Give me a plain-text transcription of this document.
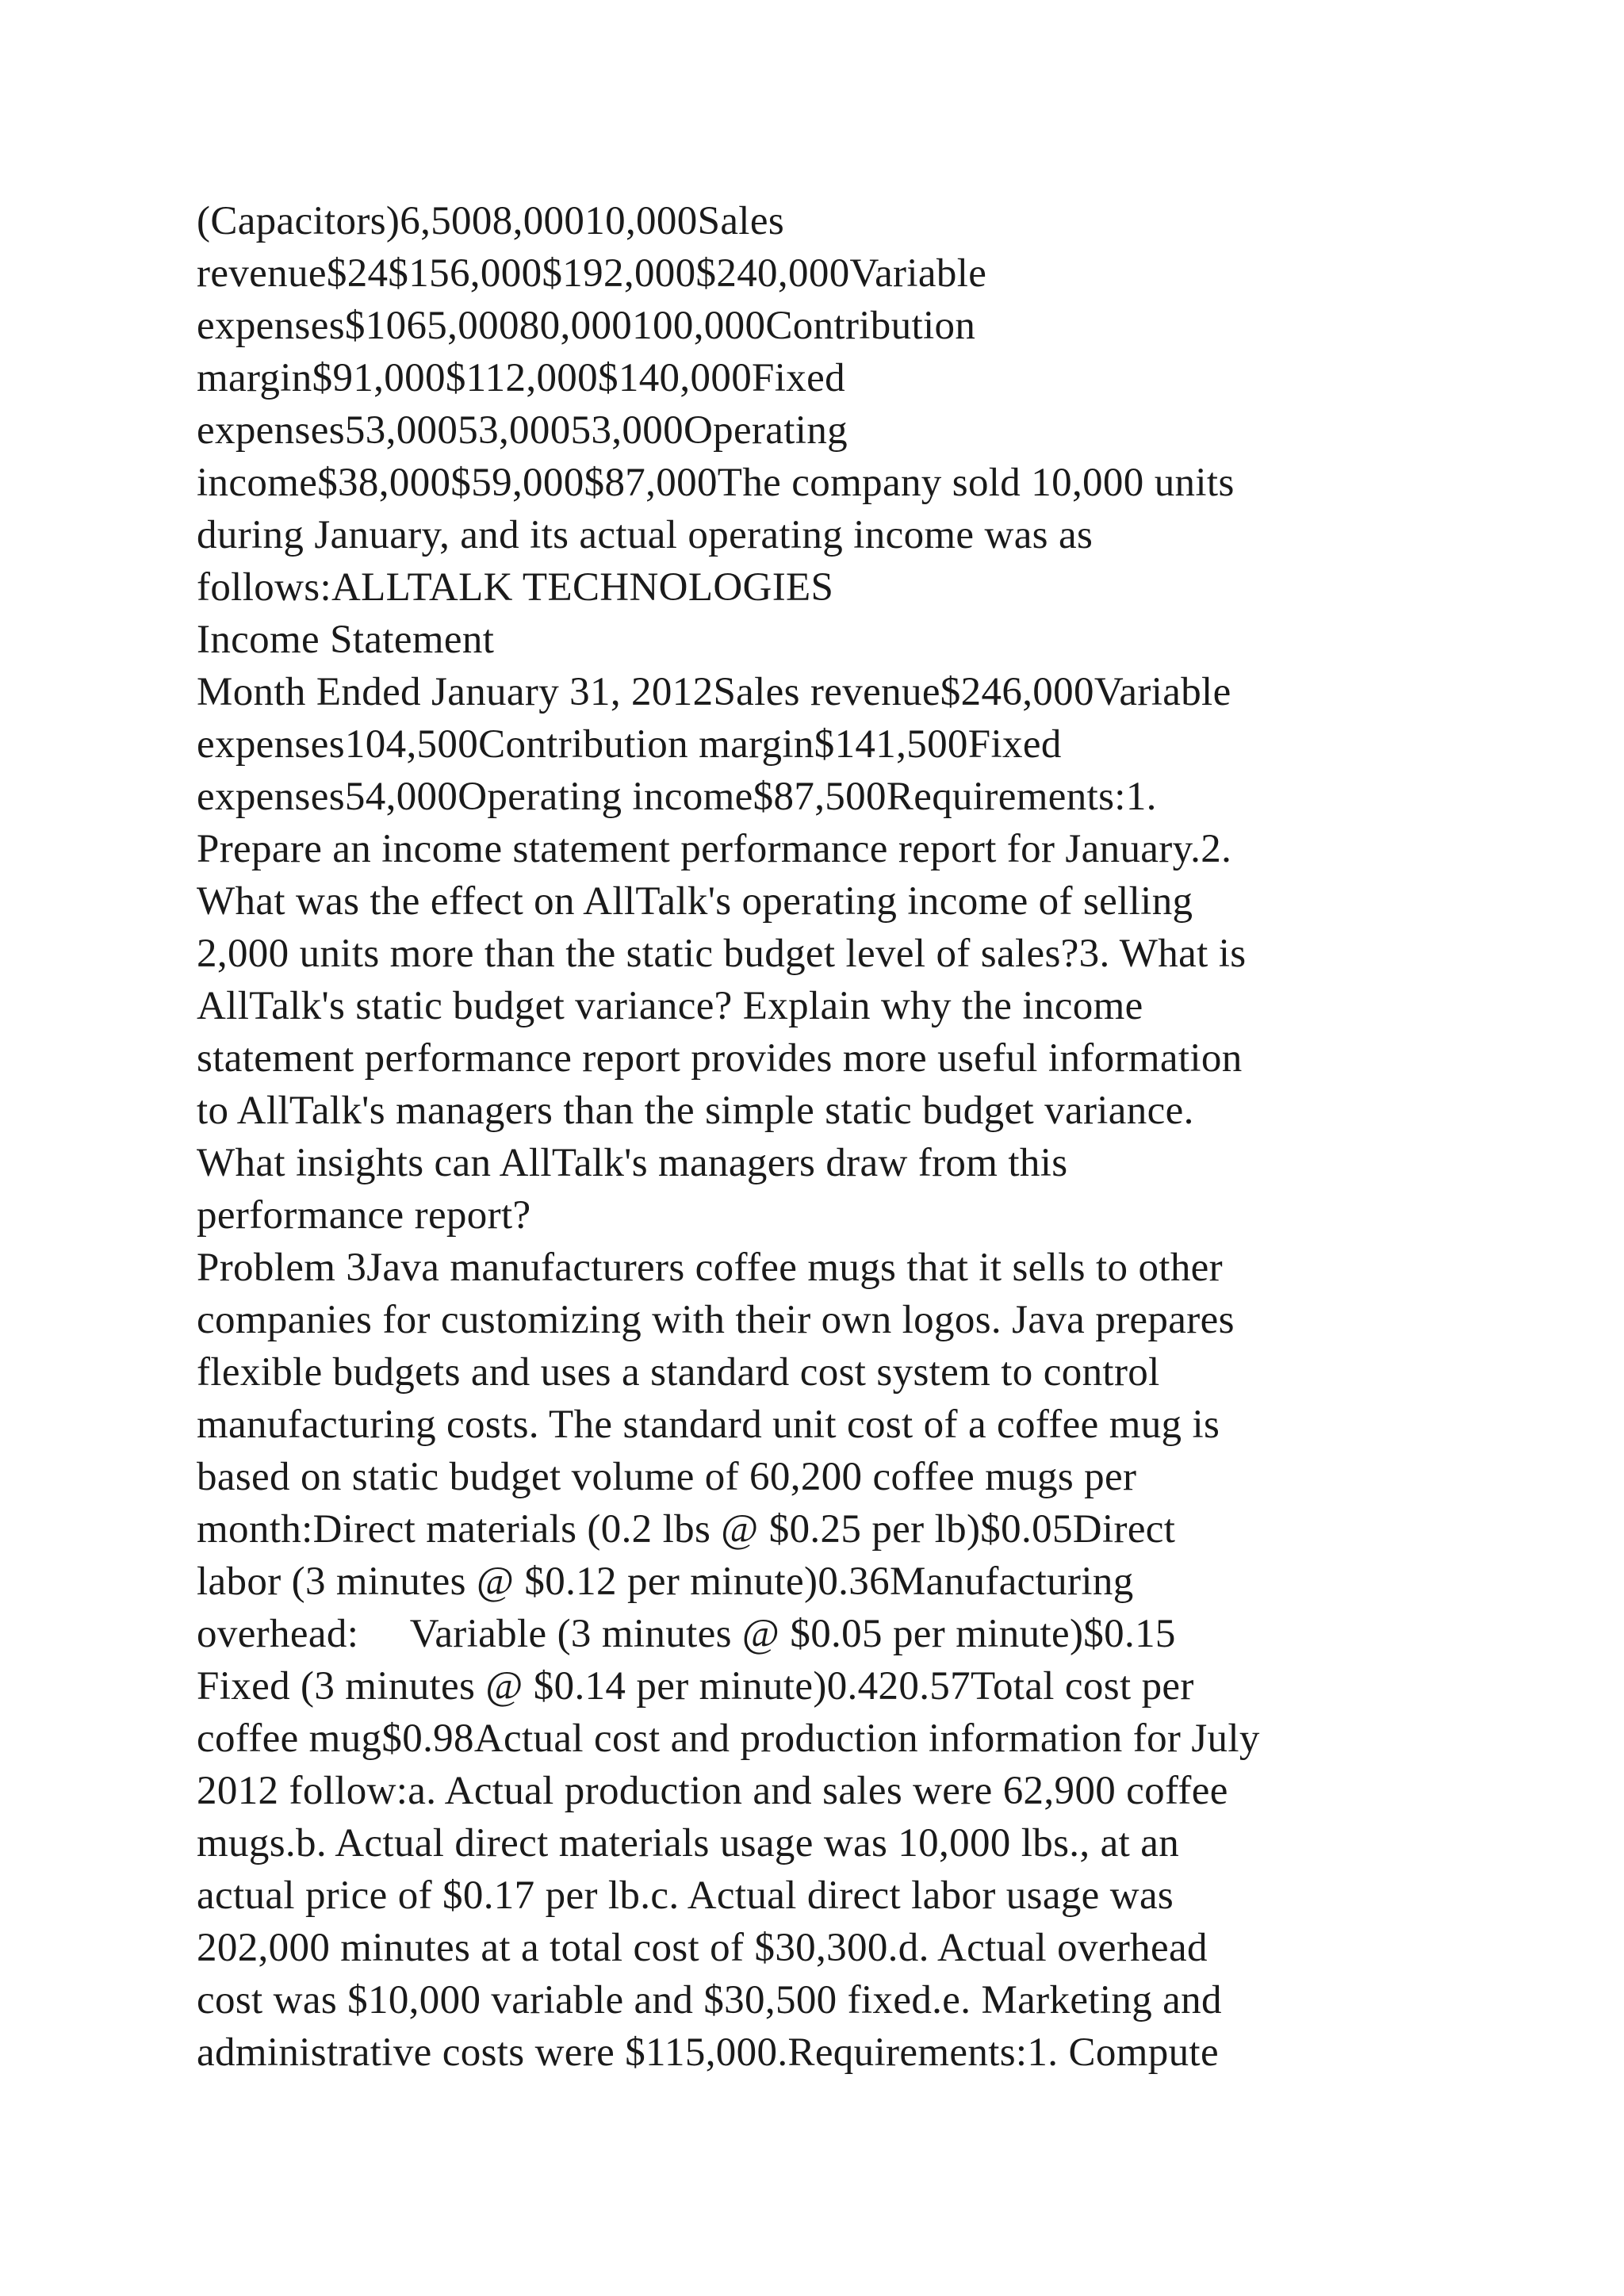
(Capacitors)6,5008,00010,000Sales
revenue$24$156,000$192,000$240,000Variable
expenses$1065,00080,000100,000Contribution
margin$91,000$112,000$140,000Fixed
expenses53,00053,00053,000Operating
income$38,000$59,000$87,000The company sold 10,000 units
during January, and its actual operating income was as
follows:ALLTALK TECHNOLOGIES
Income Statement
Month Ended January 31, 2012Sales revenue$246,000Variable
expenses104,500Contribution margin$141,500Fixed
expenses54,000Operating income$87,500Requirements:1.
Prepare an income statement performance report for January.2.
What was the effect on AllTalk's operating income of selling
2,000 units more than the static budget level of sales?3. What is
AllTalk's static budget variance? Explain why the income
statement performance report provides more useful information
to AllTalk's managers than the simple static budget variance.
What insights can AllTalk's managers draw from this
performance report?
Problem 3Java manufacturers coffee mugs that it sells to other
companies for customizing with their own logos. Java prepares
flexible budgets and uses a standard cost system to control
manufacturing costs. The standard unit cost of a coffee mug is
based on static budget volume of 60,200 coffee mugs per
month:Direct materials (0.2 lbs @ $0.25 per lb)$0.05Direct
labor (3 minutes @ $0.12 per minute)0.36Manufacturing
overhead:     Variable (3 minutes @ $0.05 per minute)$0.15
Fixed (3 minutes @ $0.14 per minute)0.420.57Total cost per
coffee mug$0.98Actual cost and production information for July
2012 follow:a. Actual production and sales were 62,900 coffee
mugs.b. Actual direct materials usage was 10,000 lbs., at an
actual price of $0.17 per lb.c. Actual direct labor usage was
202,000 minutes at a total cost of $30,300.d. Actual overhead
cost was $10,000 variable and $30,500 fixed.e. Marketing and
administrative costs were $115,000.Requirements:1. Compute
